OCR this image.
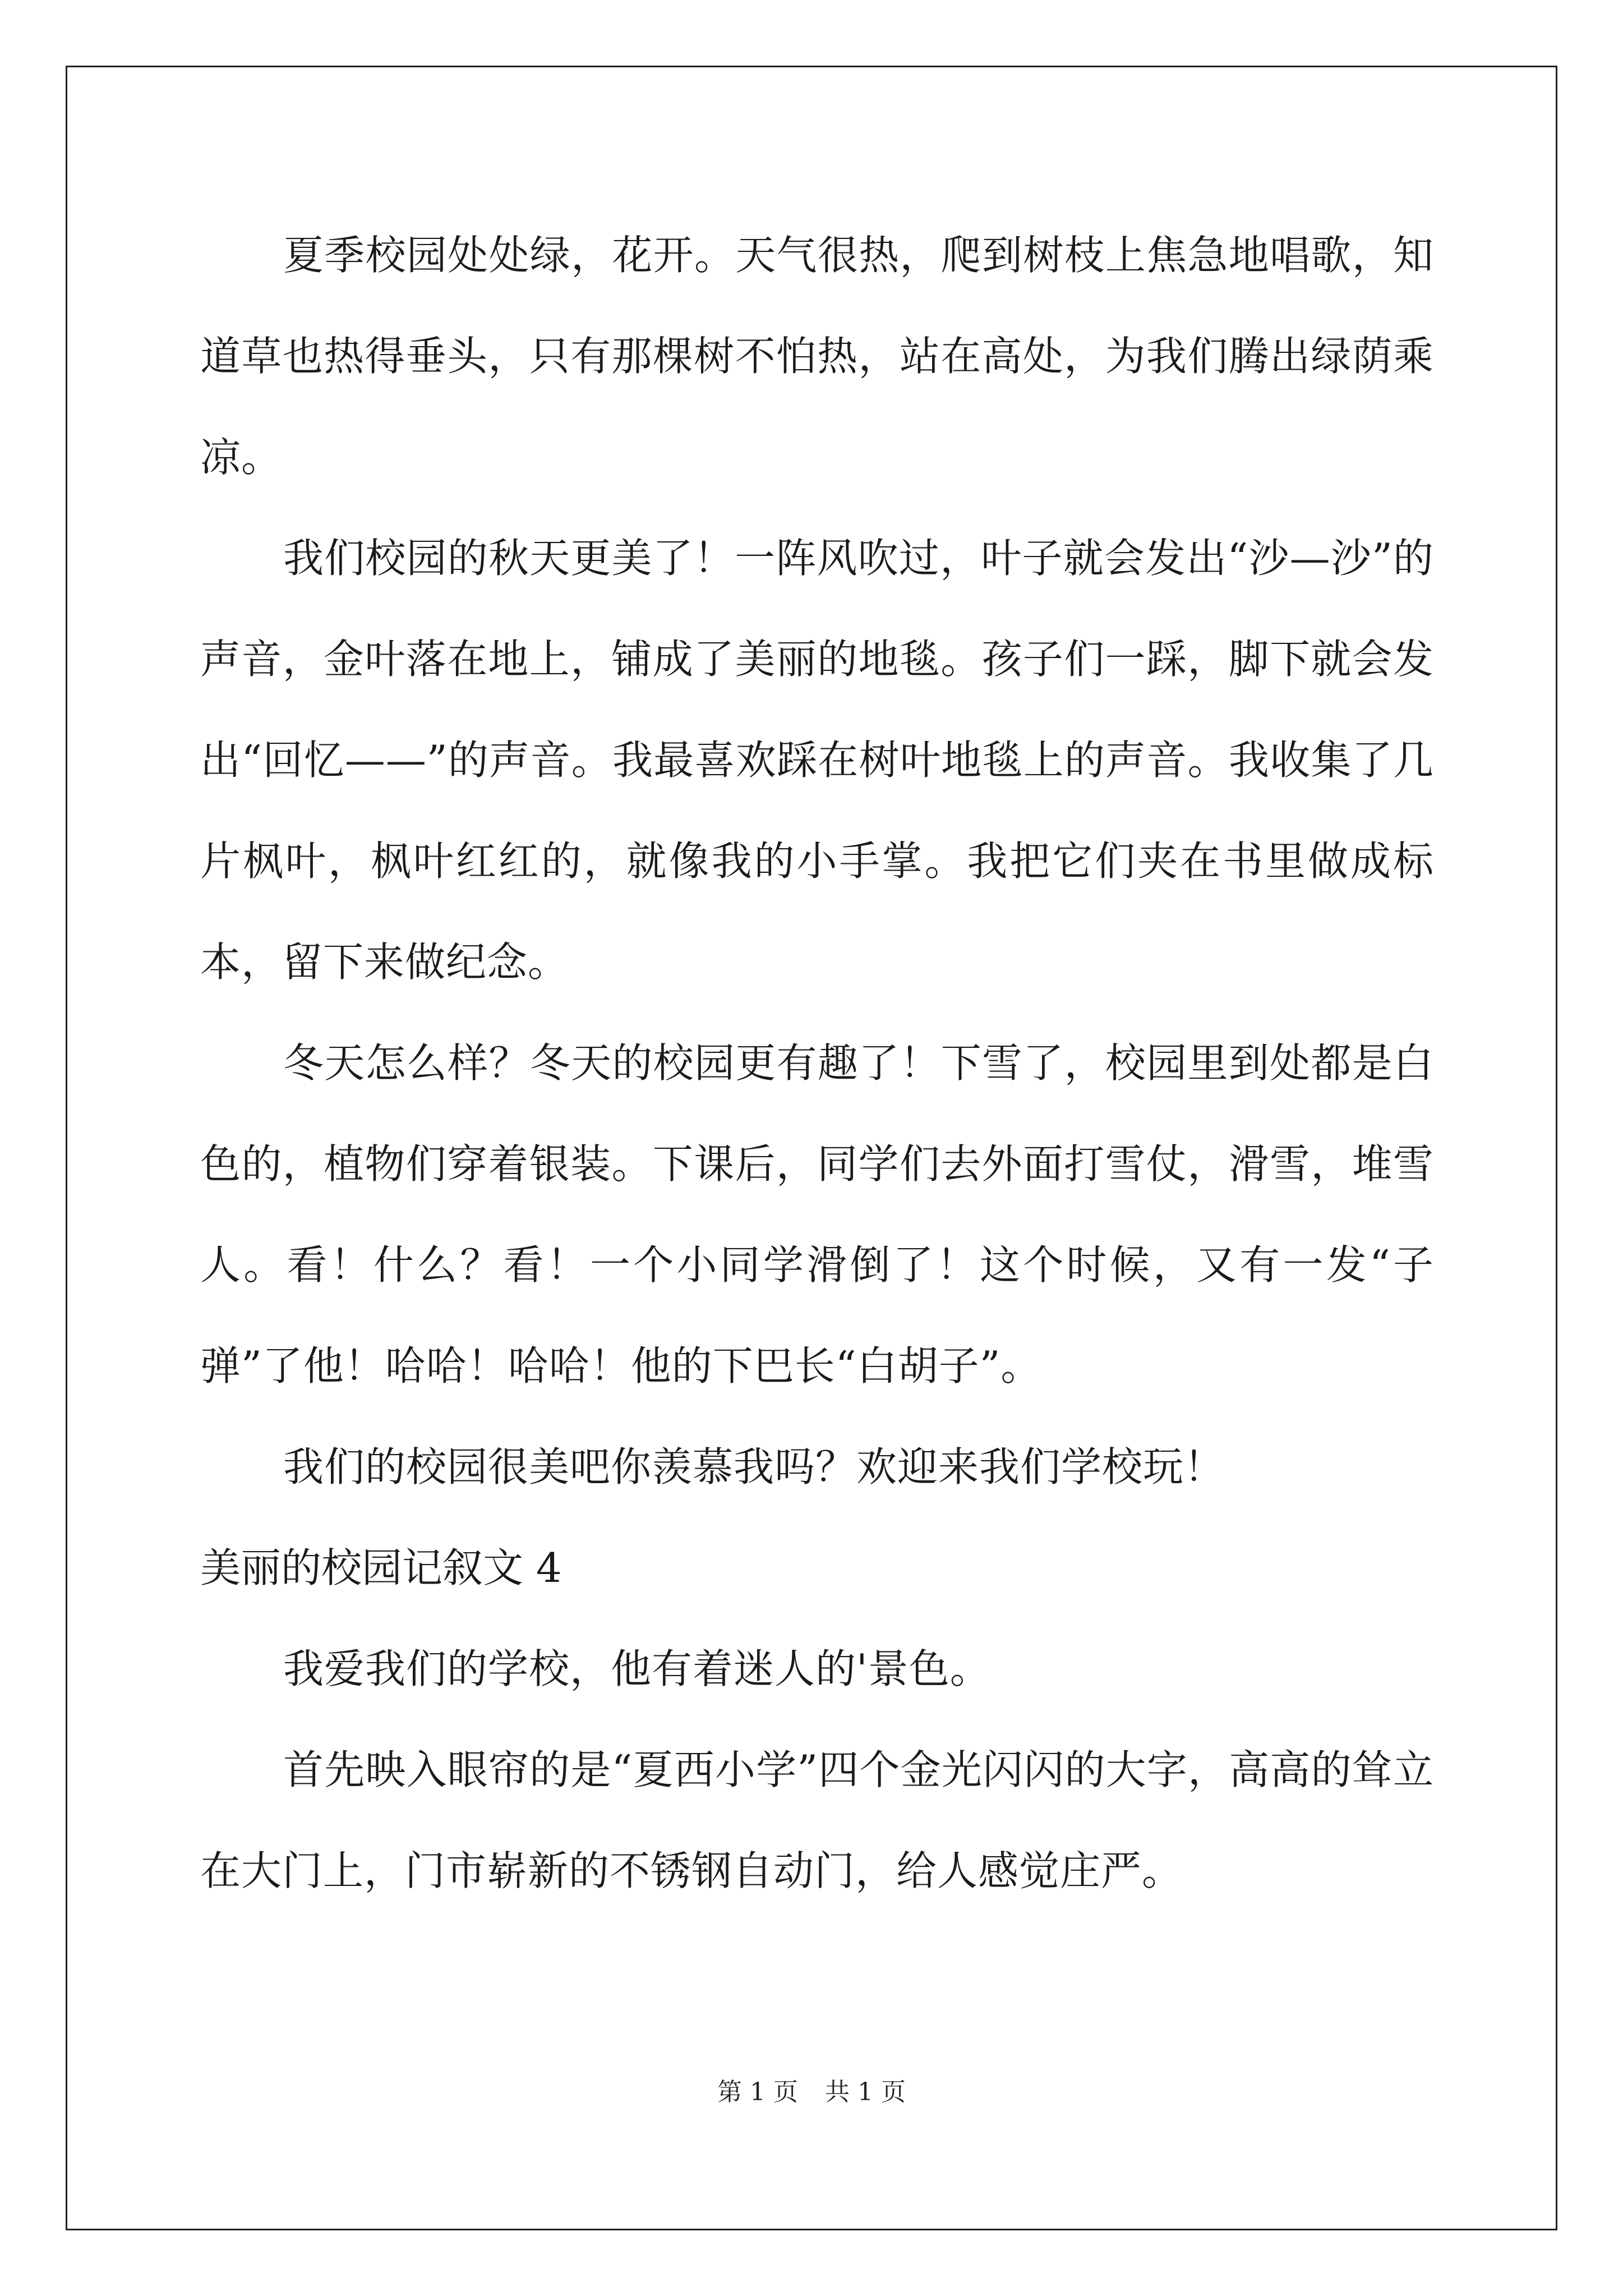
夏季校园处处绿，花开。天气很热，爬到树枝上焦急地唱歌，知道草也热得垂头，只有那棵树不怕热，站在高处，为我们腾出绿荫乘凉。

我们校园的秋天更美了！一阵风吹过，叶子就会发出“沙—沙”的声音，金叶落在地上，铺成了美丽的地毯。孩子们一踩，脚下就会发出“回忆——”的声音。我最喜欢踩在树叶地毯上的声音。我收集了几片枫叶，枫叶红红的，就像我的小手掌。我把它们夹在书里做成标本，留下来做纪念。

冬天怎么样？冬天的校园更有趣了！下雪了，校园里到处都是白色的，植物们穿着银装。下课后，同学们去外面打雪仗，滑雪，堆雪人。看！什么？看！一个小同学滑倒了！这个时候，又有一发“子弹”了他！哈哈！哈哈！他的下巴长“白胡子”。

我们的校园很美吧你羡慕我吗？欢迎来我们学校玩！

美丽的校园记叙文 4

我爱我们的学校，他有着迷人的'景色。

首先映入眼帘的是“夏西小学”四个金光闪闪的大字，高高的耸立在大门上，门市崭新的不锈钢自动门，给人感觉庄严。

第 1 页 共 1 页
